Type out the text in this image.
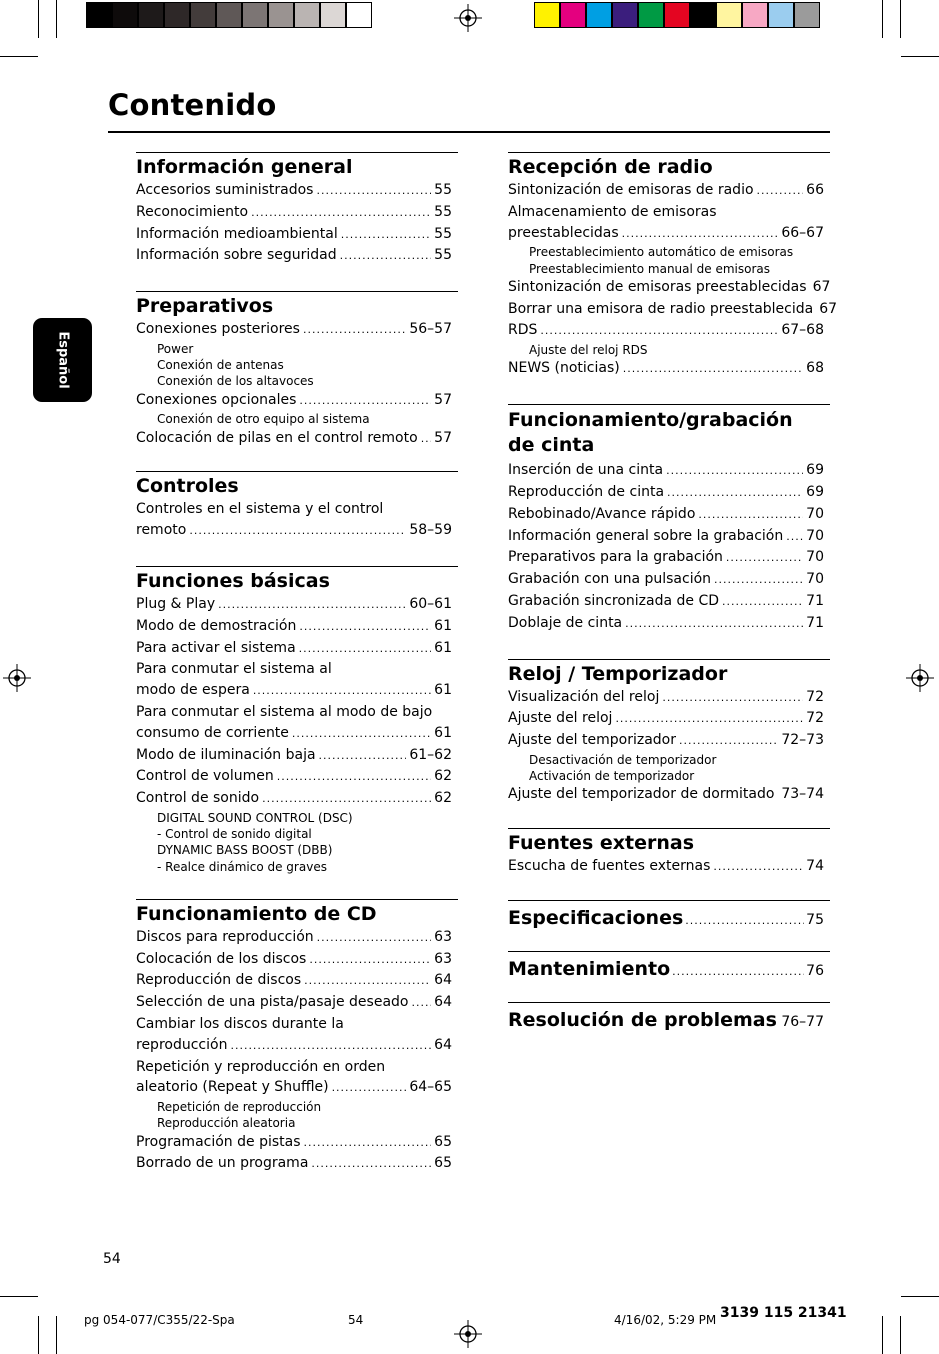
Contenido
Español
Información general
Accesorios suministrados .....	55
Reconocimiento .....	55
Información medioambiental .....	55
Información sobre seguridad .....	55
Preparativos
Conexiones posteriores .....	56–57
Power
Conexión de antenas
Conexión de los altavoces
Conexiones opcionales .....	57
Conexión de otro equipo al sistema
Colocación de pilas en el control remoto ..... 57
Controles
Controles en el sistema y el control
remoto .....	58–59
Funciones básicas
Plug & Play .....	60–61
Modo de demostración .....	61
Para activar el sistema .....	61
Para conmutar el sistema al
modo de espera .....	61
Para conmutar el sistema al modo de bajo
consumo de corriente .....	61
Modo de iluminación baja .....	61–62
Control de volumen .....	62
Control de sonido .....	62
DIGITAL SOUND CONTROL (DSC)
- Control de sonido digital
DYNAMIC BASS BOOST (DBB)
- Realce dinámico de graves
Funcionamiento de CD
Discos para reproducción .....	63
Colocación de los discos .....	63
Reproducción de discos .....	64
Selección de una pista/pasaje deseado ..... 64
Cambiar los discos durante la
reproducción .....	64
Repetición y reproducción en orden
aleatorio (Repeat y Shuffle) .....	64–65
Repetición de reproducción
Reproducción aleatoria
Programación de pistas .....	65
Borrado de un programa .....	65
Recepción de radio
Sintonización de emisoras de radio .....	66
Almacenamiento de emisoras
preestablecidas .....	66–67
Preestablecimiento automático de emisoras
Preestablecimiento manual de emisoras
Sintonización de emisoras preestablecidas 67
Borrar una emisora de radio preestablecida 67
RDS .....	67–68
Ajuste del reloj RDS
NEWS (noticias) .....	68
Funcionamiento/grabación de cinta
Inserción de una cinta .....	69
Reproducción de cinta .....	69
Rebobinado/Avance rápido .....	70
Información general sobre la grabación ..... 70
Preparativos para la grabación .....	70
Grabación con una pulsación .....	70
Grabación sincronizada de CD .....	71
Doblaje de cinta .....	71
Reloj / Temporizador
Visualización del reloj .....	72
Ajuste del reloj .....	72
Ajuste del temporizador .....	72–73
Desactivación de temporizador
Activación de temporizador
Ajuste del temporizador de dormitado ..... 73–74
Fuentes externas
Escucha de fuentes externas .....	74
Especificaciones .....	75
Mantenimiento .....	76
Resolución de problemas ..... 76–77
54
pg 054-077/C355/22-Spa	54	4/16/02, 5:29 PM 3139 115 21341
